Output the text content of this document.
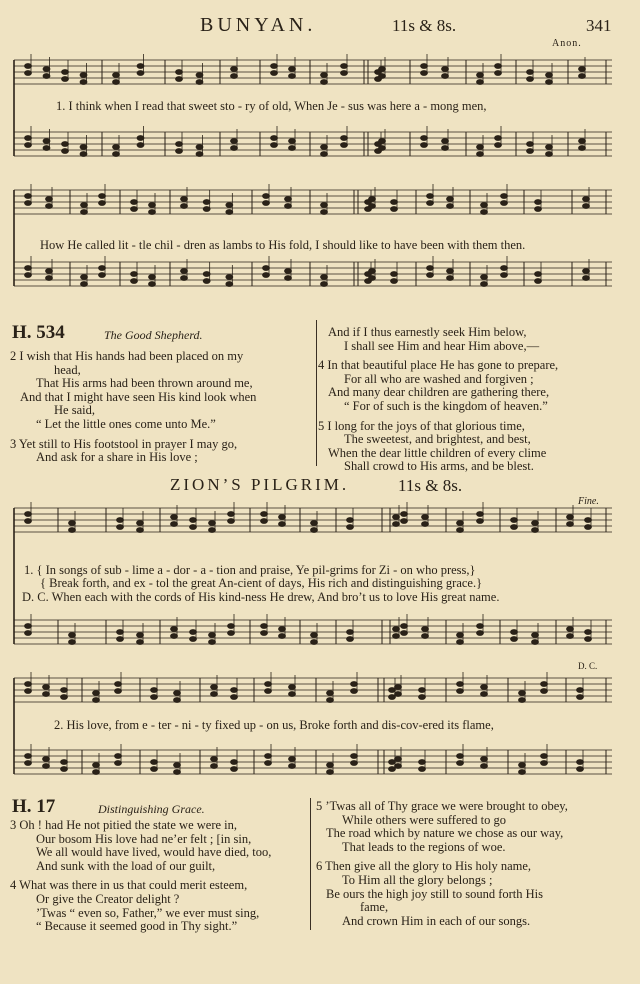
BUNYAN.	11s & 8s.	341
Anon.
1. I think when I read that sweet sto - ry of old, When Je - sus was here a - mong men,
How He called lit - tle chil - dren as lambs to His fold, I should like to have been with them then.
H. 534	The Good Shepherd.

2 I wish that His hands had been placed on my

head,

That His arms had been thrown around me,

And that I might have seen His kind look when

He said,

“ Let the little ones come unto Me.”

3 Yet still to His footstool in prayer I may go,

And ask for a share in His love ;

And if I thus earnestly seek Him below,

I shall see Him and hear Him above,—

4 In that beautiful place He has gone to prepare,

For all who are washed and forgiven ;

And many dear children are gathering there,

“ For of such is the kingdom of heaven.”

5 I long for the joys of that glorious time,

The sweetest, and brightest, and best,

When the dear little children of every clime

Shall crowd to His arms, and be blest.

ZION’S PILGRIM.	11s & 8s.
Fine.
1. { In songs of sub - lime a - dor - a - tion and praise, Ye pil-grims for Zi - on who press,}
{ Break forth, and ex - tol the great An-cient of days, His rich and distinguishing grace.}
D. C. When each with the cords of His kind-ness He drew, And bro’t us to love His great name.
D. C.
2. His love, from e - ter - ni - ty fixed up - on us, Broke forth and dis-cov-ered its flame,
H. 17	Distinguishing Grace.

3 Oh ! had He not pitied the state we were in,

Our bosom His love had ne’er felt ; [in sin,

We all would have lived, would have died, too,

And sunk with the load of our guilt,

4 What was there in us that could merit esteem,

Or give the Creator delight ?

’Twas “ even so, Father,” we ever must sing,

“ Because it seemed good in Thy sight.”

5 ’Twas all of Thy grace we were brought to obey,

While others were suffered to go

The road which by nature we chose as our way,

That leads to the regions of woe.

6 Then give all the glory to His holy name,

To Him all the glory belongs ;

Be ours the high joy still to sound forth His

fame,

And crown Him in each of our songs.
